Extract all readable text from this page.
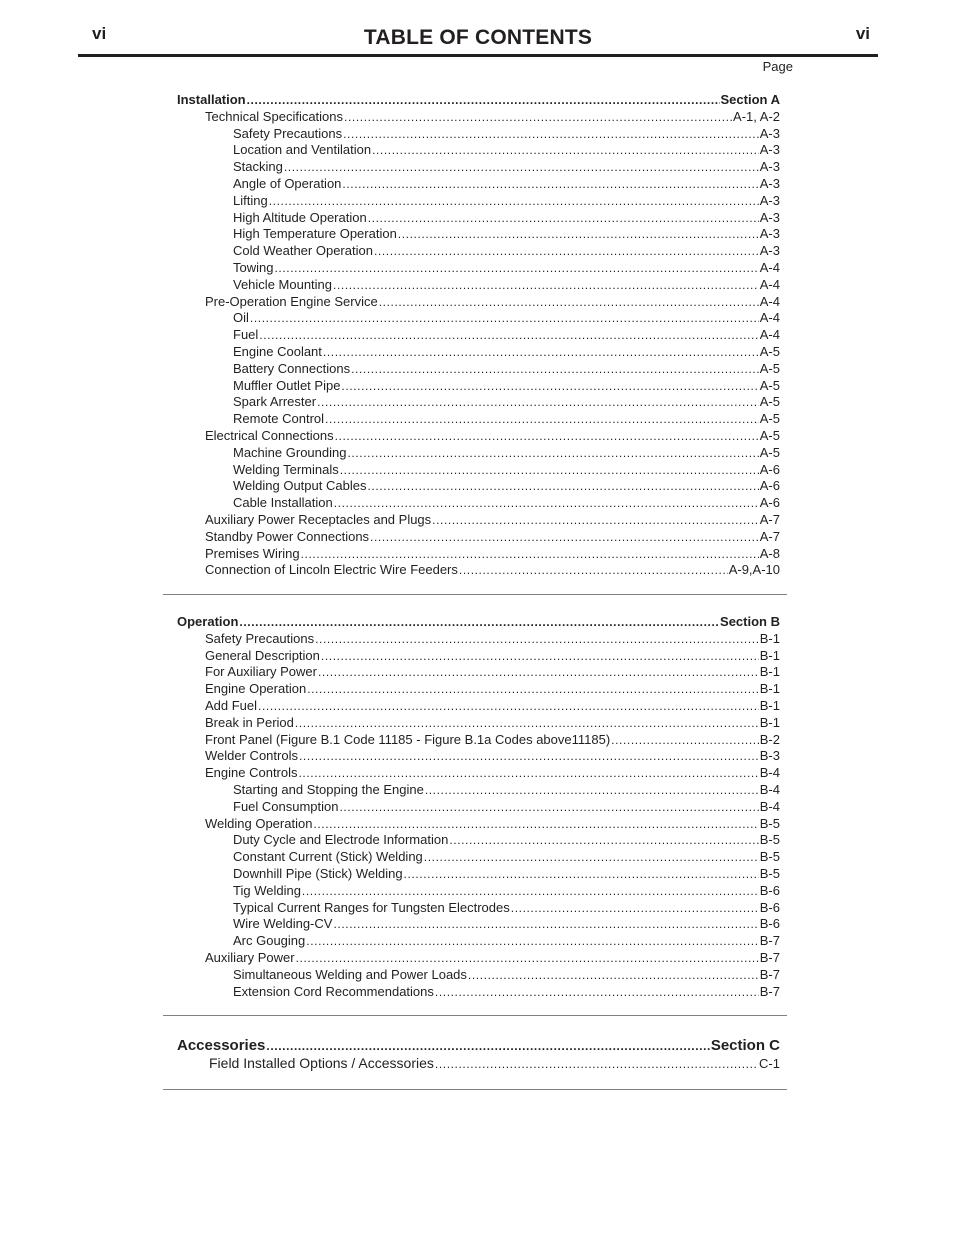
vi	TABLE OF CONTENTS	vi
Page
Installation .....	Section A
Technical Specifications .....	A-1, A-2
Safety Precautions .....	A-3
Location and Ventilation .....	A-3
Stacking .....	A-3
Angle of Operation .....	A-3
Lifting .....	A-3
High Altitude Operation .....	A-3
High Temperature Operation .....	A-3
Cold Weather Operation .....	A-3
Towing .....	A-4
Vehicle Mounting .....	A-4
Pre-Operation Engine Service .....	A-4
Oil .....	A-4
Fuel .....	A-4
Engine Coolant .....	A-5
Battery Connections .....	A-5
Muffler Outlet Pipe .....	A-5
Spark Arrester .....	A-5
Remote Control .....	A-5
Electrical Connections .....	A-5
Machine Grounding .....	A-5
Welding Terminals .....	A-6
Welding Output Cables .....	A-6
Cable Installation .....	A-6
Auxiliary Power Receptacles and Plugs .....	A-7
Standby Power Connections .....	A-7
Premises Wiring .....	A-8
Connection of Lincoln Electric Wire Feeders .....	A-9,A-10
Operation .....	Section B
Safety Precautions .....	B-1
General Description .....	B-1
For Auxiliary Power .....	B-1
Engine Operation .....	B-1
Add Fuel .....	B-1
Break in Period .....	B-1
Front Panel (Figure B.1 Code 11185 - Figure B.1a Codes above11185) .....	B-2
Welder Controls .....	B-3
Engine Controls .....	B-4
Starting and Stopping the Engine .....	B-4
Fuel Consumption .....	B-4
Welding Operation .....	B-5
Duty Cycle and Electrode Information .....	B-5
Constant Current (Stick) Welding .....	B-5
Downhill Pipe (Stick) Welding .....	B-5
Tig Welding .....	B-6
Typical Current Ranges for Tungsten Electrodes .....	B-6
Wire Welding-CV .....	B-6
Arc Gouging .....	B-7
Auxiliary Power .....	B-7
Simultaneous Welding and Power Loads .....	B-7
Extension Cord Recommendations .....	B-7
Accessories .....	Section C
Field Installed Options / Accessories .....	C-1
